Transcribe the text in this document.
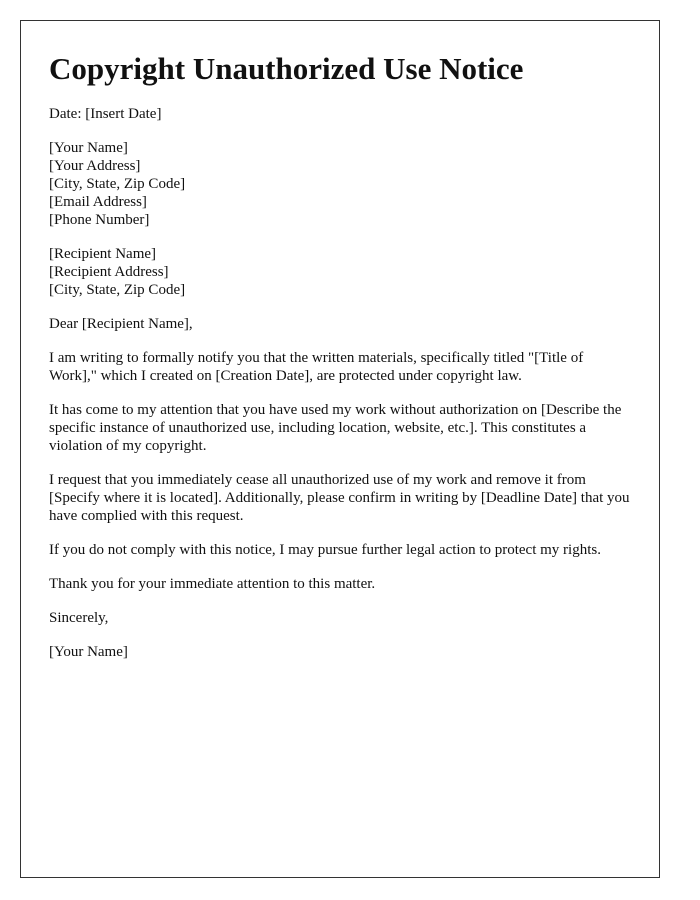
Copyright Unauthorized Use Notice

Date: [Insert Date]

[Your Name]
[Your Address]
[City, State, Zip Code]
[Email Address]
[Phone Number]
[Recipient Name]
[Recipient Address]
[City, State, Zip Code]

Dear [Recipient Name],

I am writing to formally notify you that the written materials, specifically titled "[Title of Work]," which I created on [Creation Date], are protected under copyright law.

It has come to my attention that you have used my work without authorization on [Describe the specific instance of unauthorized use, including location, website, etc.]. This constitutes a violation of my copyright.

I request that you immediately cease all unauthorized use of my work and remove it from [Specify where it is located]. Additionally, please confirm in writing by [Deadline Date] that you have complied with this request.

If you do not comply with this notice, I may pursue further legal action to protect my rights.

Thank you for your immediate attention to this matter.

Sincerely,

[Your Name]
